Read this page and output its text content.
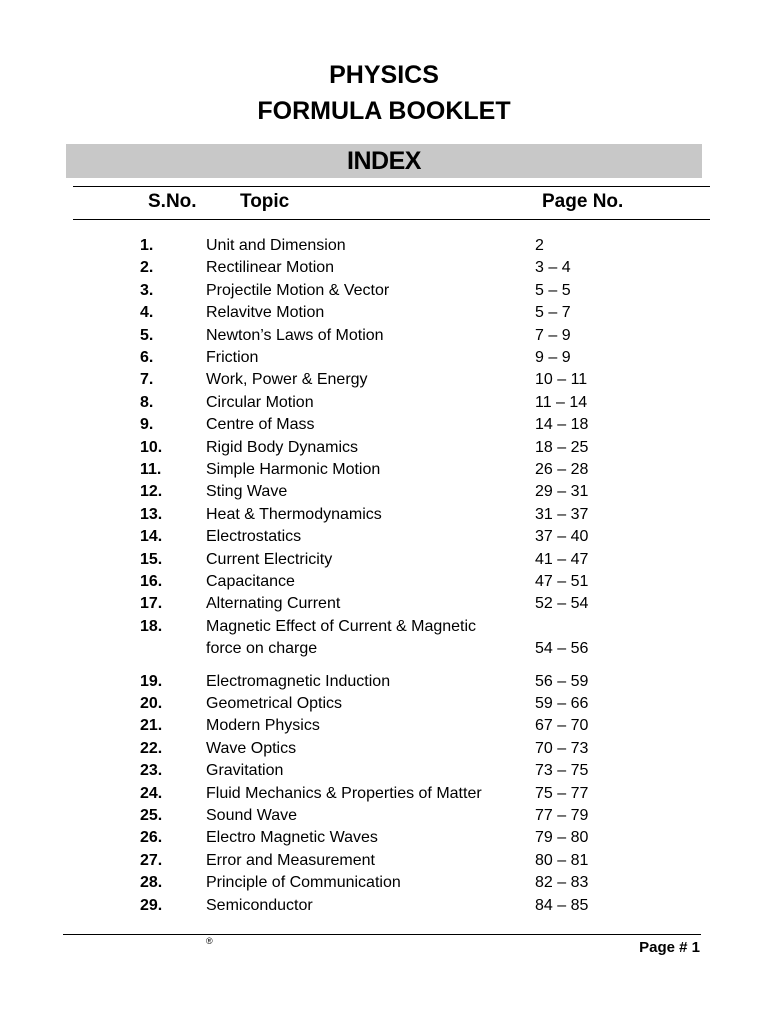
PHYSICS
FORMULA BOOKLET
INDEX
S.No. Topic	Page No.
1.	Unit and Dimension	2
2.	Rectilinear Motion	3 – 4
3.	Projectile Motion & Vector	5 – 5
4.	Relavitve Motion	5 – 7
5.	Newton’s Laws of Motion	7 – 9
6.	Friction	9 – 9
7.	Work, Power & Energy	10 – 11
8.	Circular Motion	11 – 14
9.	Centre of Mass	14 – 18
10.	Rigid Body Dynamics	18 – 25
11.	Simple Harmonic Motion	26 – 28
12.	Sting Wave	29 – 31
13.	Heat & Thermodynamics	31 – 37
14.	Electrostatics	37 – 40
15.	Current Electricity	41 – 47
16.	Capacitance	47 – 51
17.	Alternating Current	52 – 54
18.	Magnetic Effect of Current & Magnetic
force on charge	54 – 56
19.	Electromagnetic Induction	56 – 59
20.	Geometrical Optics	59 – 66
21.	Modern Physics	67 – 70
22.	Wave Optics	70 – 73
23.	Gravitation	73 – 75
24.	Fluid Mechanics & Properties of Matter	75 – 77
25.	Sound Wave	77 – 79
26.	Electro Magnetic Waves	79 – 80
27.	Error and Measurement	80 – 81
28.	Principle of Communication	82 – 83
29.	Semiconductor	84 – 85
®	Page # 1
